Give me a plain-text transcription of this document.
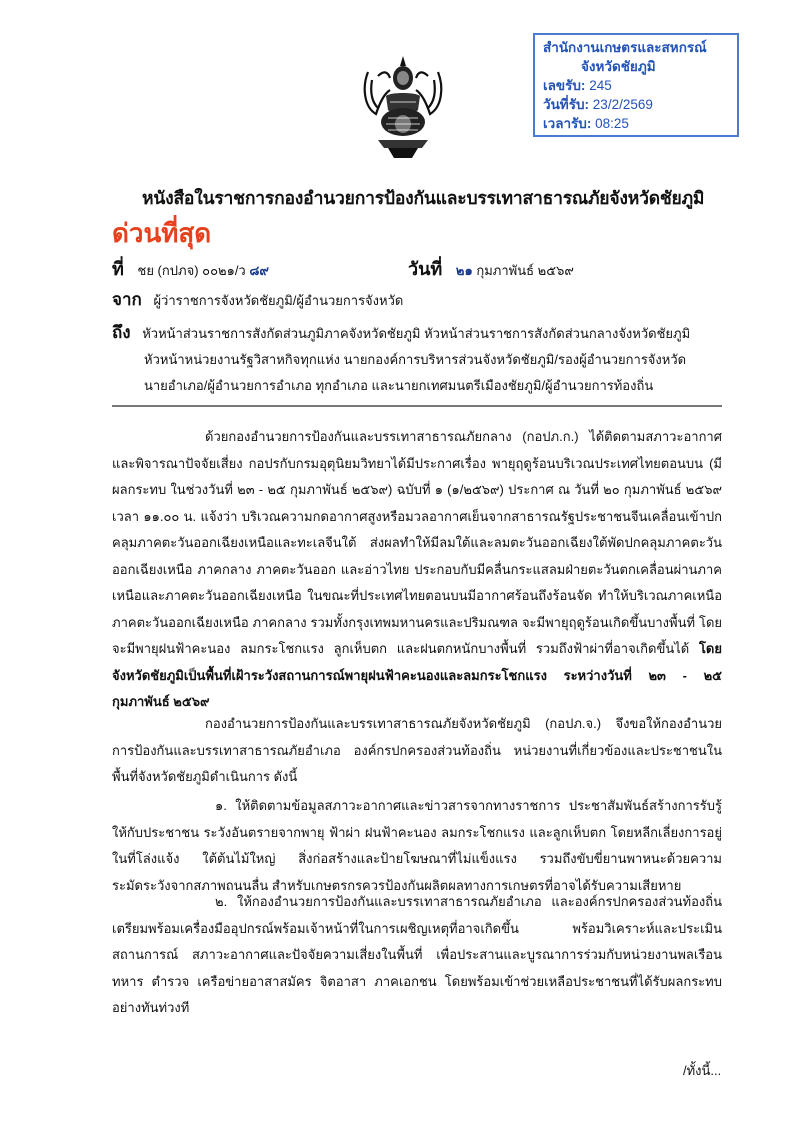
สำนักงานเกษตรและสหกรณ์
จังหวัดชัยภูมิ
เลขรับ: 245
วันที่รับ: 23/2/2569
เวลารับ: 08:25
หนังสือในราชการกองอำนวยการป้องกันและบรรเทาสาธารณภัยจังหวัดชัยภูมิ
ด่วนที่สุด
ที่ ชย (กปภจ) ๐๐๒๑/ว ๘๙	วันที่ ๒๑ กุมภาพันธ์ ๒๕๖๙
จาก ผู้ว่าราชการจังหวัดชัยภูมิ/ผู้อำนวยการจังหวัด
ถึง หัวหน้าส่วนราชการสังกัดส่วนภูมิภาคจังหวัดชัยภูมิ หัวหน้าส่วนราชการสังกัดส่วนกลางจังหวัดชัยภูมิ
หัวหน้าหน่วยงานรัฐวิสาหกิจทุกแห่ง นายกองค์การบริหารส่วนจังหวัดชัยภูมิ/รองผู้อำนวยการจังหวัด
นายอำเภอ/ผู้อำนวยการอำเภอ ทุกอำเภอ และนายกเทศมนตรีเมืองชัยภูมิ/ผู้อำนวยการท้องถิ่น

ด้วยกองอำนวยการป้องกันและบรรเทาสาธารณภัยกลาง (กอปภ.ก.) ได้ติดตามสภาวะอากาศและพิจารณาปัจจัยเสี่ยง กอปรกับกรมอุตุนิยมวิทยาได้มีประกาศเรื่อง พายุฤดูร้อนบริเวณประเทศไทยตอนบน (มีผลกระทบ ในช่วงวันที่ ๒๓ - ๒๕ กุมภาพันธ์ ๒๕๖๙) ฉบับที่ ๑ (๑/๒๕๖๙) ประกาศ ณ วันที่ ๒๐ กุมภาพันธ์ ๒๕๖๙ เวลา ๑๑.๐๐ น. แจ้งว่า บริเวณความกดอากาศสูงหรือมวลอากาศเย็นจากสาธารณรัฐประชาชนจีนเคลื่อนเข้าปกคลุมภาคตะวันออกเฉียงเหนือและทะเลจีนใต้ ส่งผลทำให้มีลมใต้และลมตะวันออกเฉียงใต้พัดปกคลุมภาคตะวันออกเฉียงเหนือ ภาคกลาง ภาคตะวันออก และอ่าวไทย ประกอบกับมีคลื่นกระแสลมฝ่ายตะวันตกเคลื่อนผ่านภาคเหนือและภาคตะวันออกเฉียงเหนือ ในขณะที่ประเทศไทยตอนบนมีอากาศร้อนถึงร้อนจัด ทำให้บริเวณภาคเหนือ ภาคตะวันออกเฉียงเหนือ ภาคกลาง รวมทั้งกรุงเทพมหานครและปริมณฑล จะมีพายุฤดูร้อนเกิดขึ้นบางพื้นที่ โดยจะมีพายุฝนฟ้าคะนอง ลมกระโชกแรง ลูกเห็บตก และฝนตกหนักบางพื้นที่ รวมถึงฟ้าผ่าที่อาจเกิดขึ้นได้ โดยจังหวัดชัยภูมิเป็นพื้นที่เฝ้าระวังสถานการณ์พายุฝนฟ้าคะนองและลมกระโชกแรง ระหว่างวันที่ ๒๓ - ๒๕ กุมภาพันธ์ ๒๕๖๙

กองอำนวยการป้องกันและบรรเทาสาธารณภัยจังหวัดชัยภูมิ (กอปภ.จ.) จึงขอให้กองอำนวยการป้องกันและบรรเทาสาธารณภัยอำเภอ องค์กรปกครองส่วนท้องถิ่น หน่วยงานที่เกี่ยวข้องและประชาชนในพื้นที่จังหวัดชัยภูมิดำเนินการ ดังนี้

๑. ให้ติดตามข้อมูลสภาวะอากาศและข่าวสารจากทางราชการ ประชาสัมพันธ์สร้างการรับรู้ให้กับประชาชน ระวังอันตรายจากพายุ ฟ้าผ่า ฝนฟ้าคะนอง ลมกระโชกแรง และลูกเห็บตก โดยหลีกเลี่ยงการอยู่ในที่โล่งแจ้ง ใต้ต้นไม้ใหญ่ สิ่งก่อสร้างและป้ายโฆษณาที่ไม่แข็งแรง รวมถึงขับขี่ยานพาหนะด้วยความระมัดระวังจากสภาพถนนลื่น สำหรับเกษตรกรควรป้องกันผลิตผลทางการเกษตรที่อาจได้รับความเสียหาย

๒. ให้กองอำนวยการป้องกันและบรรเทาสาธารณภัยอำเภอ และองค์กรปกครองส่วนท้องถิ่น เตรียมพร้อมเครื่องมืออุปกรณ์พร้อมเจ้าหน้าที่ในการเผชิญเหตุที่อาจเกิดขึ้น พร้อมวิเคราะห์และประเมินสถานการณ์ สภาวะอากาศและปัจจัยความเสี่ยงในพื้นที่ เพื่อประสานและบูรณาการร่วมกับหน่วยงานพลเรือน ทหาร ตำรวจ เครือข่ายอาสาสมัคร จิตอาสา ภาคเอกชน โดยพร้อมเข้าช่วยเหลือประชาชนที่ได้รับผลกระทบอย่างทันท่วงที

/ทั้งนี้...
